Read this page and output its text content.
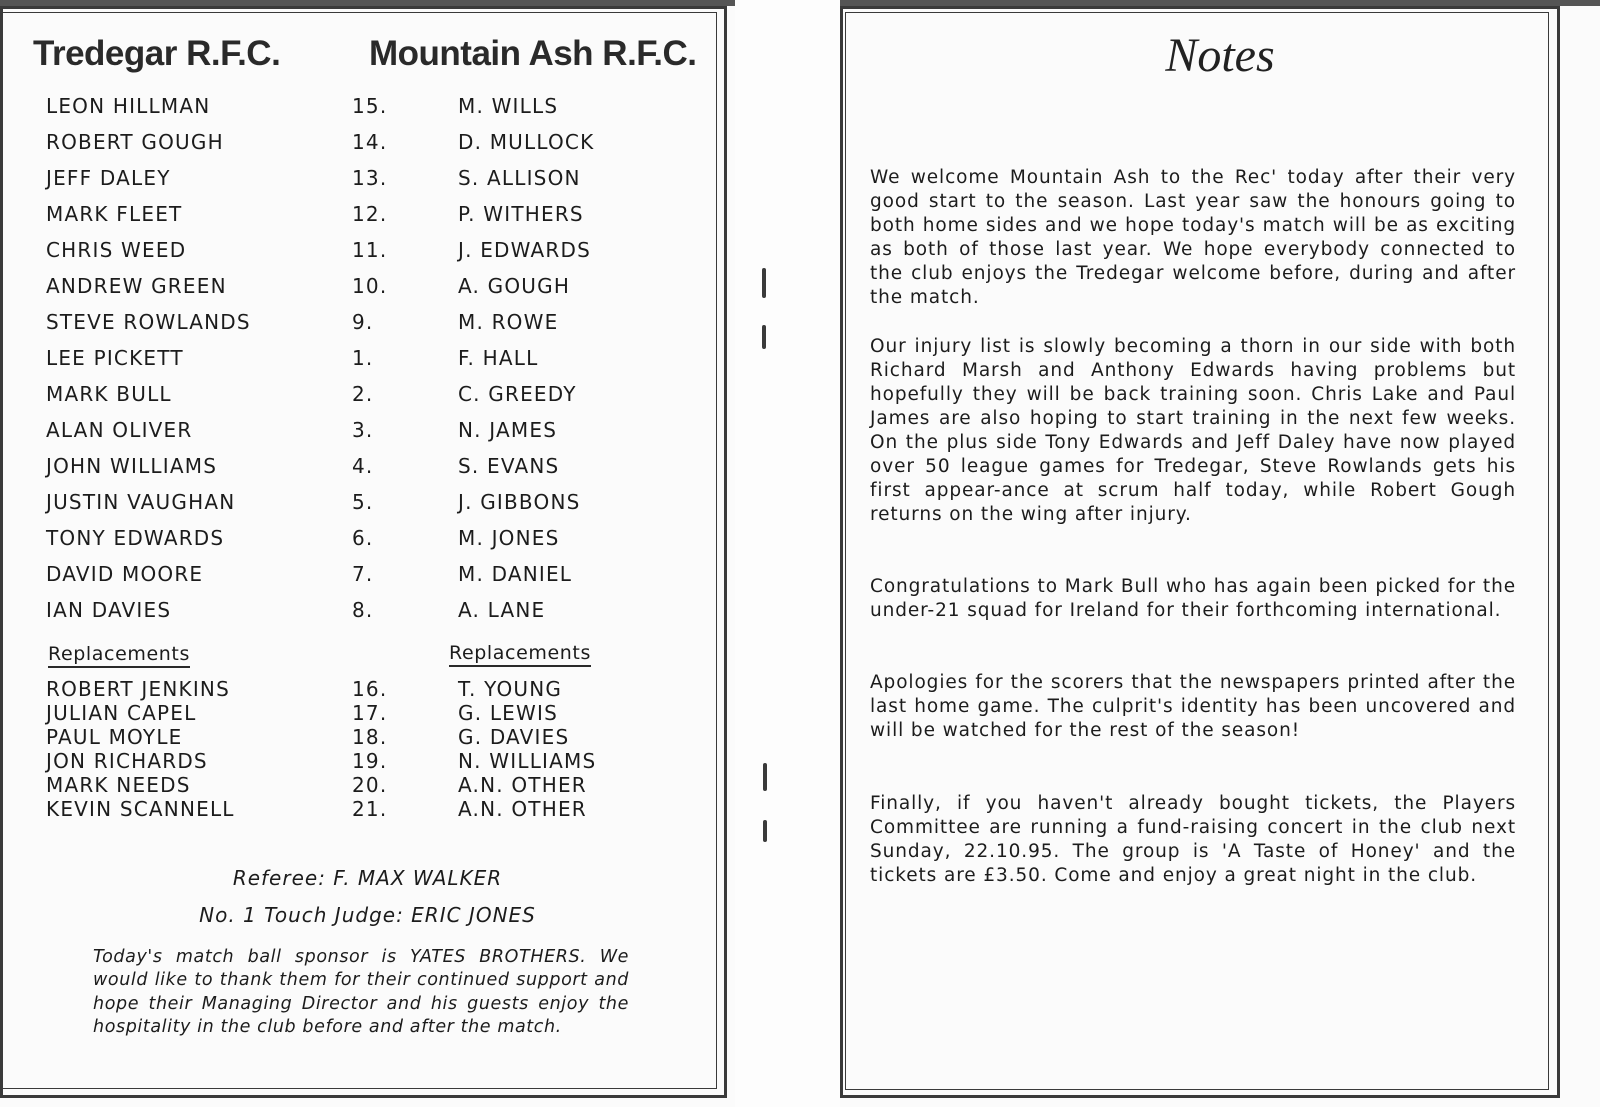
Tredegar R.F.C.	Mountain Ash R.F.C.
LEON HILLMAN	15.	M. WILLS
ROBERT GOUGH	14.	D. MULLOCK
JEFF DALEY	13.	S. ALLISON
MARK FLEET	12.	P. WITHERS
CHRIS WEED	11.	J. EDWARDS
ANDREW GREEN	10.	A. GOUGH
STEVE ROWLANDS	9.	M. ROWE
LEE PICKETT	1.	F. HALL
MARK BULL	2.	C. GREEDY
ALAN OLIVER	3.	N. JAMES
JOHN WILLIAMS	4.	S. EVANS
JUSTIN VAUGHAN	5.	J. GIBBONS
TONY EDWARDS	6.	M. JONES
DAVID MOORE	7.	M. DANIEL
IAN DAVIES	8.	A. LANE
Replacements	Replacements
ROBERT JENKINS	16.	T. YOUNG
JULIAN CAPEL	17.	G. LEWIS
PAUL MOYLE	18.	G. DAVIES
JON RICHARDS	19.	N. WILLIAMS
MARK NEEDS	20.	A.N. OTHER
KEVIN SCANNELL	21.	A.N. OTHER
Referee: F. MAX WALKER
No. 1 Touch Judge: ERIC JONES

Today's match ball sponsor is YATES BROTHERS. We would like to thank them for their continued support and hope their Managing Director and his guests enjoy the hospitality in the club before and after the match.

Notes

We welcome Mountain Ash to the Rec' today after their very good start to the season. Last year saw the honours going to both home sides and we hope today's match will be as exciting as both of those last year. We hope everybody connected to the club enjoys the Tredegar welcome before, during and after the match.

Our injury list is slowly becoming a thorn in our side with both Richard Marsh and Anthony Edwards having problems but hopefully they will be back training soon. Chris Lake and Paul James are also hoping to start training in the next few weeks. On the plus side Tony Edwards and Jeff Daley have now played over 50 league games for Tredegar, Steve Rowlands gets his first appear-ance at scrum half today, while Robert Gough returns on the wing after injury.

Congratulations to Mark Bull who has again been picked for the under-21 squad for Ireland for their forthcoming international.

Apologies for the scorers that the newspapers printed after the last home game. The culprit's identity has been uncovered and will be watched for the rest of the season!

Finally, if you haven't already bought tickets, the Players Committee are running a fund-raising concert in the club next Sunday, 22.10.95. The group is 'A Taste of Honey' and the tickets are £3.50. Come and enjoy a great night in the club.
